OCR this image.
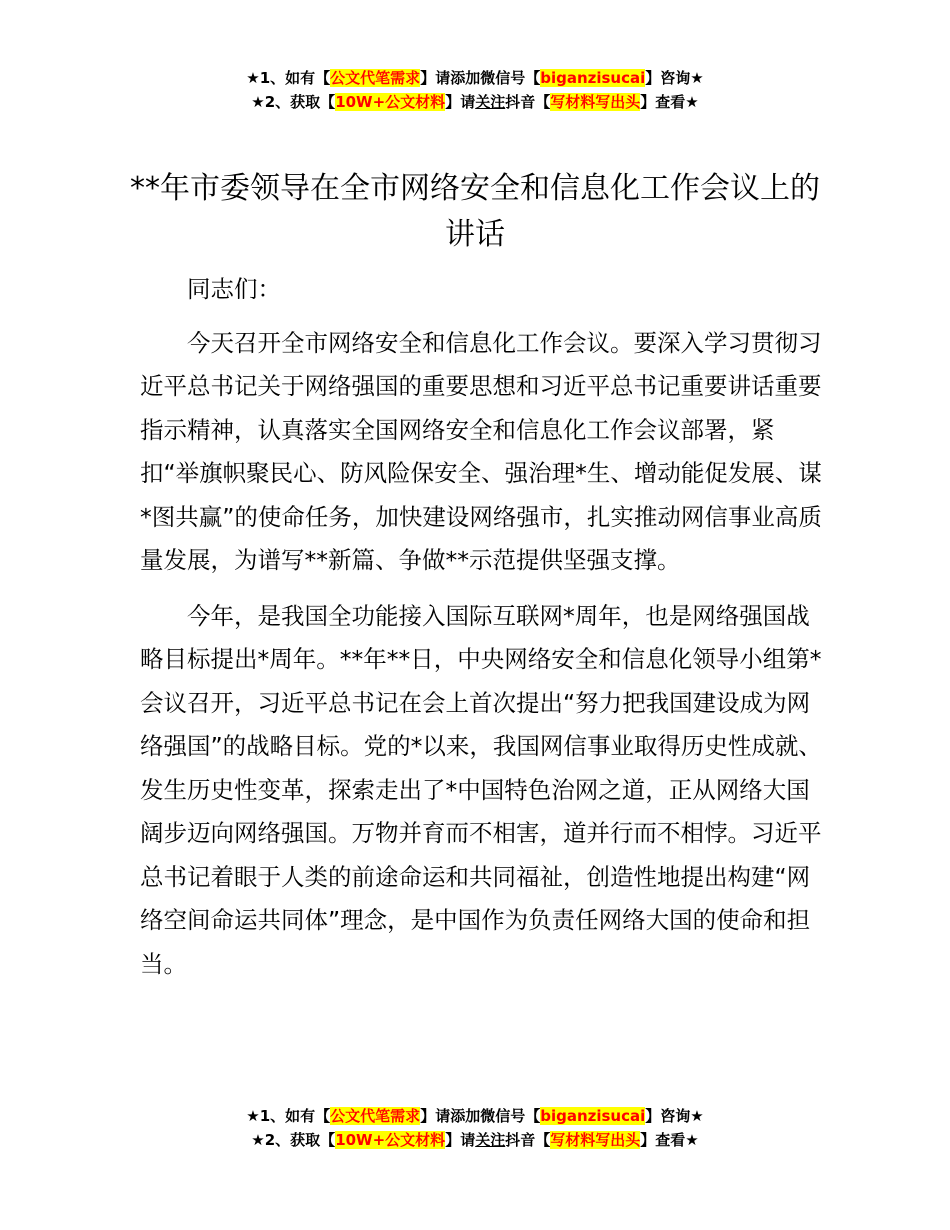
★1、如有【公文代笔需求】请添加微信号【biganzisucai】咨询★
★2、获取【10W+公文材料】请关注抖音【写材料写出头】查看★
**年市委领导在全市网络安全和信息化工作会议上的讲话

同志们：

今天召开全市网络安全和信息化工作会议。要深入学习贯彻习近平总书记关于网络强国的重要思想和习近平总书记重要讲话重要指示精神，认真落实全国网络安全和信息化工作会议部署，紧扣“举旗帜聚民心、防风险保安全、强治理*生、增动能促发展、谋*图共赢”的使命任务，加快建设网络强市，扎实推动网信事业高质量发展，为谱写**新篇、争做**示范提供坚强支撑。

今年，是我国全功能接入国际互联网*周年，也是网络强国战略目标提出*周年。**年**日，中央网络安全和信息化领导小组第*会议召开，习近平总书记在会上首次提出“努力把我国建设成为网络强国”的战略目标。党的*以来，我国网信事业取得历史性成就、发生历史性变革，探索走出了*中国特色治网之道，正从网络大国阔步迈向网络强国。万物并育而不相害，道并行而不相悖。习近平总书记着眼于人类的前途命运和共同福祉，创造性地提出构建“网络空间命运共同体”理念，是中国作为负责任网络大国的使命和担当。

★1、如有【公文代笔需求】请添加微信号【biganzisucai】咨询★
★2、获取【10W+公文材料】请关注抖音【写材料写出头】查看★
